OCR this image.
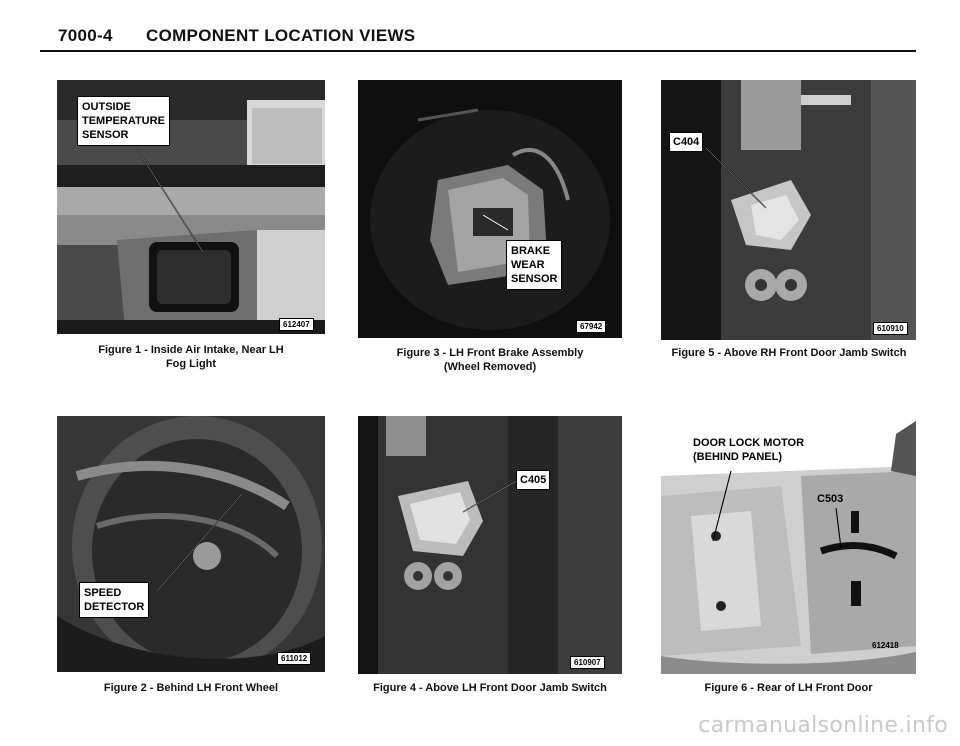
7000-4 COMPONENT LOCATION VIEWS
OUTSIDE
TEMPERATURE
SENSOR
612407
Figure 1 - Inside Air Intake, Near LH
Fog Light
BRAKE
WEAR
SENSOR
67942
Figure 3 - LH Front Brake Assembly
(Wheel Removed)
C404
610910
Figure 5 - Above RH Front Door Jamb Switch
SPEED
DETECTOR
611012
Figure 2 - Behind LH Front Wheel
C405
610907
Figure 4 - Above LH Front Door Jamb Switch
DOOR LOCK MOTOR
(BEHIND PANEL)
C503
612418
Figure 6 - Rear of LH Front Door
carmanualsonline.info
